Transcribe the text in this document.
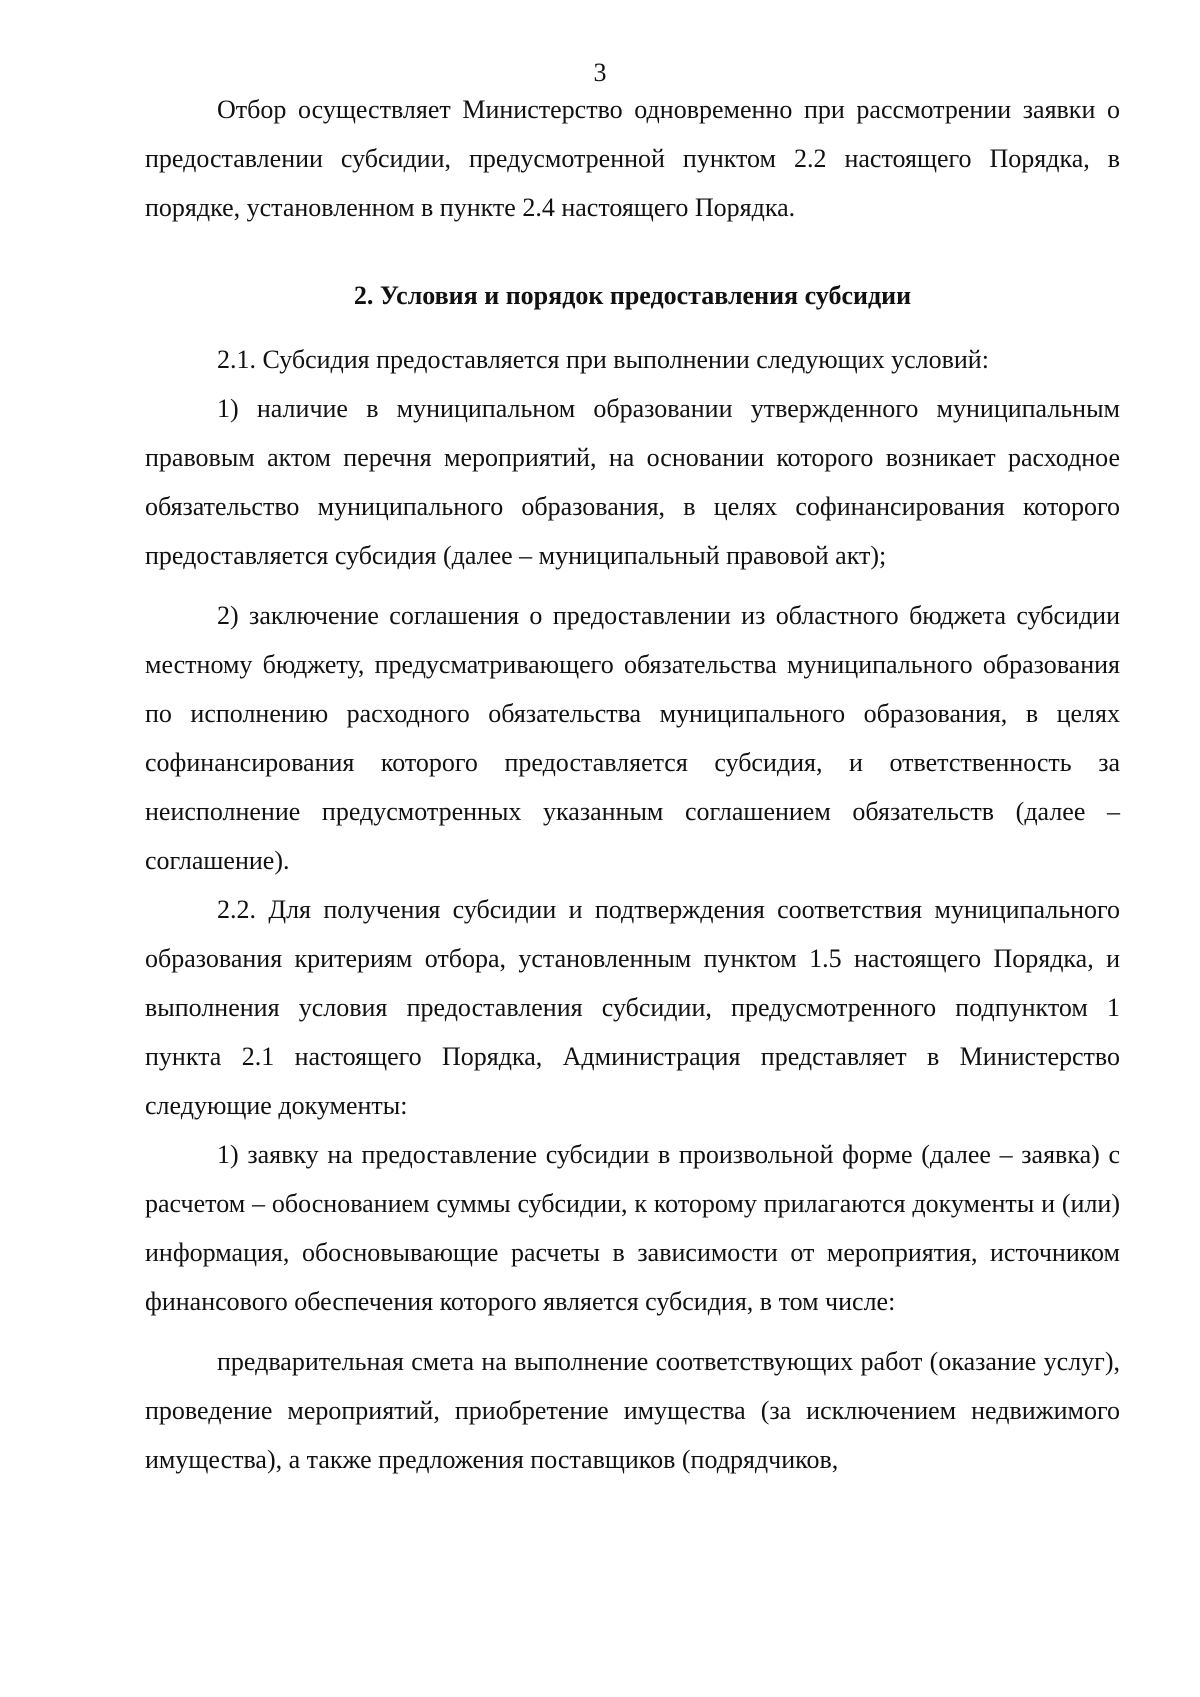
3

Отбор осуществляет Министерство одновременно при рассмотрении заявки о предоставлении субсидии, предусмотренной пунктом 2.2 настоящего Порядка, в порядке, установленном в пункте 2.4 настоящего Порядка.

2. Условия и порядок предоставления субсидии

2.1. Субсидия предоставляется при выполнении следующих условий:

1) наличие в муниципальном образовании утвержденного муниципальным правовым актом перечня мероприятий, на основании которого возникает расходное обязательство муниципального образования, в целях софинансирования которого предоставляется субсидия (далее – муниципальный правовой акт);

2) заключение соглашения о предоставлении из областного бюджета субсидии местному бюджету, предусматривающего обязательства муниципального образования по исполнению расходного обязательства муниципального образования, в целях софинансирования которого предоставляется субсидия, и ответственность за неисполнение предусмотренных указанным соглашением обязательств (далее – соглашение).

2.2. Для получения субсидии и подтверждения соответствия муниципального образования критериям отбора, установленным пунктом 1.5 настоящего Порядка, и выполнения условия предоставления субсидии, предусмотренного подпунктом 1 пункта 2.1 настоящего Порядка, Администрация представляет в Министерство следующие документы:

1) заявку на предоставление субсидии в произвольной форме (далее – заявка) с расчетом – обоснованием суммы субсидии, к которому прилагаются документы и (или) информация, обосновывающие расчеты в зависимости от мероприятия, источником финансового обеспечения которого является субсидия, в том числе:

предварительная смета на выполнение соответствующих работ (оказание услуг), проведение мероприятий, приобретение имущества (за исключением недвижимого имущества), а также предложения поставщиков (подрядчиков,
